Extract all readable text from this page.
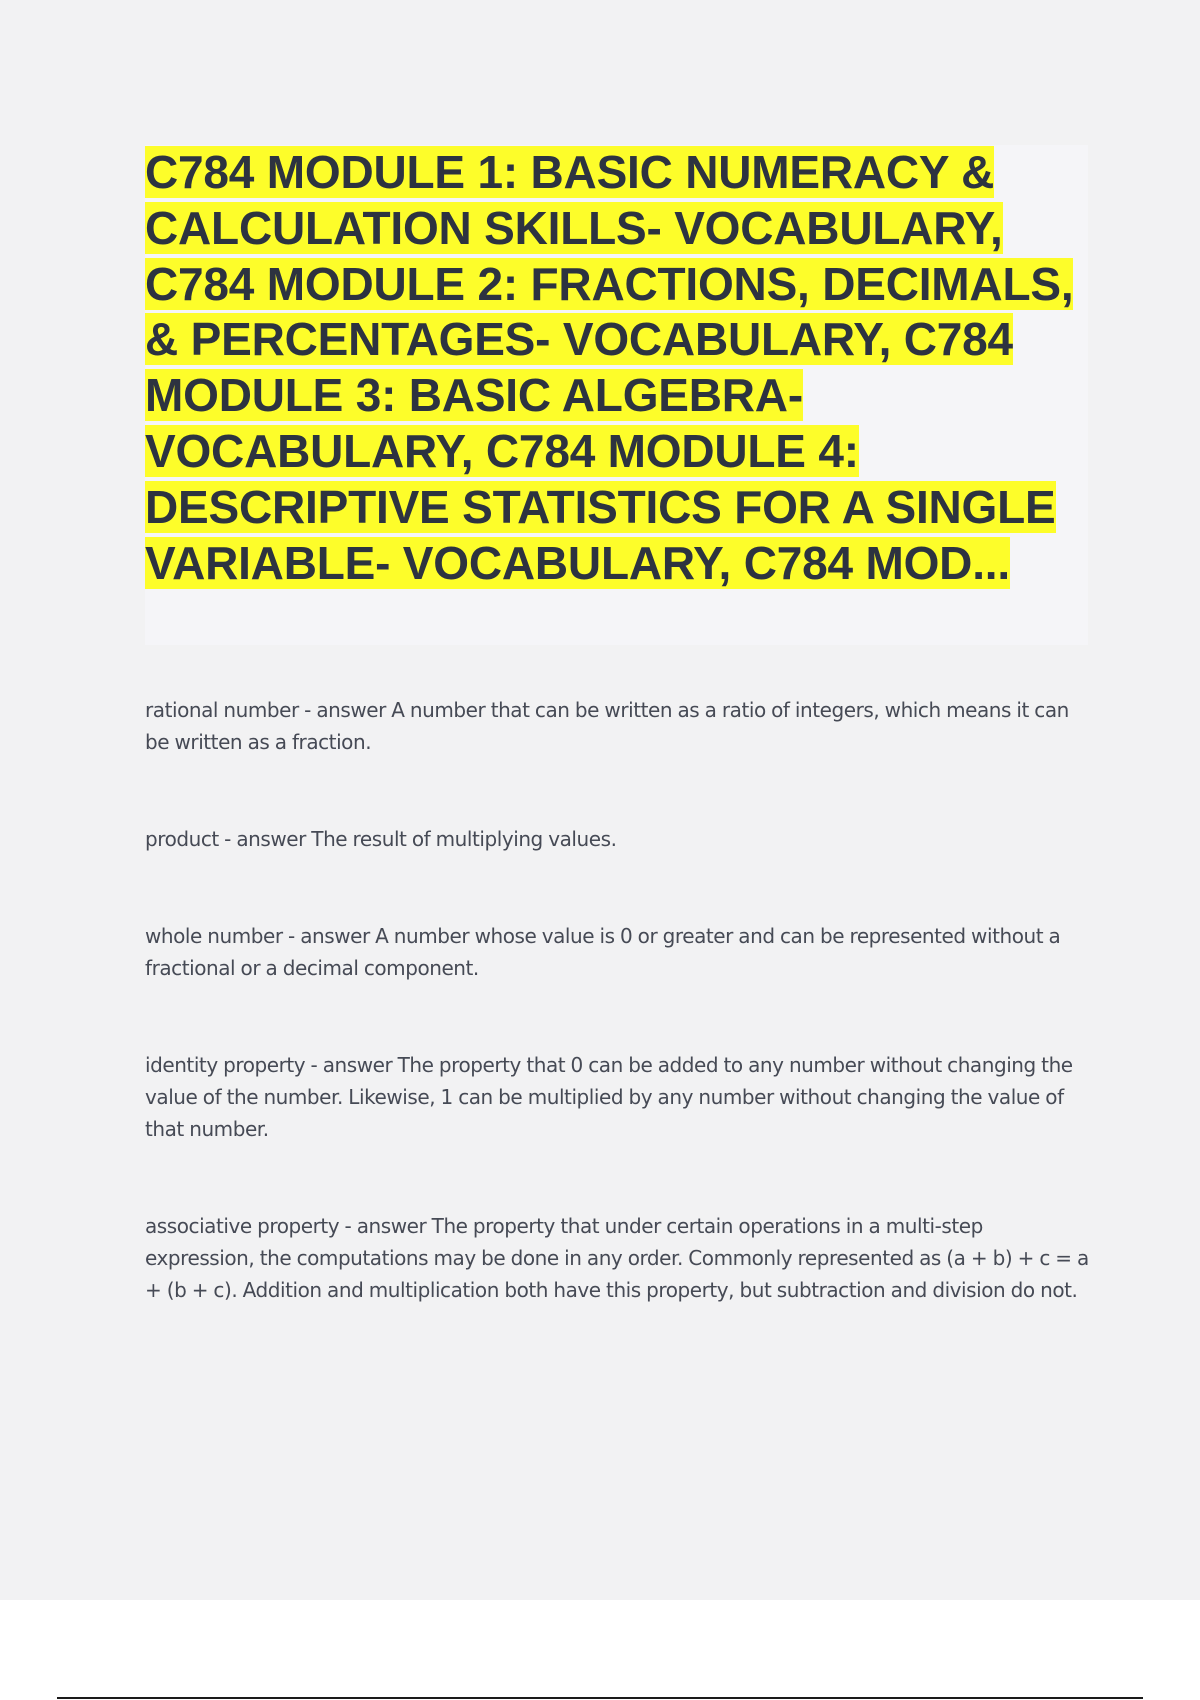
C784 MODULE 1: BASIC NUMERACY & CALCULATION SKILLS- VOCABULARY, C784 MODULE 2: FRACTIONS, DECIMALS, & PERCENTAGES- VOCABULARY, C784 MODULE 3: BASIC ALGEBRA- VOCABULARY, C784 MODULE 4: DESCRIPTIVE STATISTICS FOR A SINGLE VARIABLE- VOCABULARY, C784 MOD...

rational number - answer A number that can be written as a ratio of integers, which means it can be written as a fraction.

product - answer The result of multiplying values.

whole number - answer A number whose value is 0 or greater and can be represented without a fractional or a decimal component.

identity property - answer The property that 0 can be added to any number without changing the value of the number. Likewise, 1 can be multiplied by any number without changing the value of that number.

associative property - answer The property that under certain operations in a multi-step expression, the computations may be done in any order. Commonly represented as (a + b) + c = a + (b + c). Addition and multiplication both have this property, but subtraction and division do not.
